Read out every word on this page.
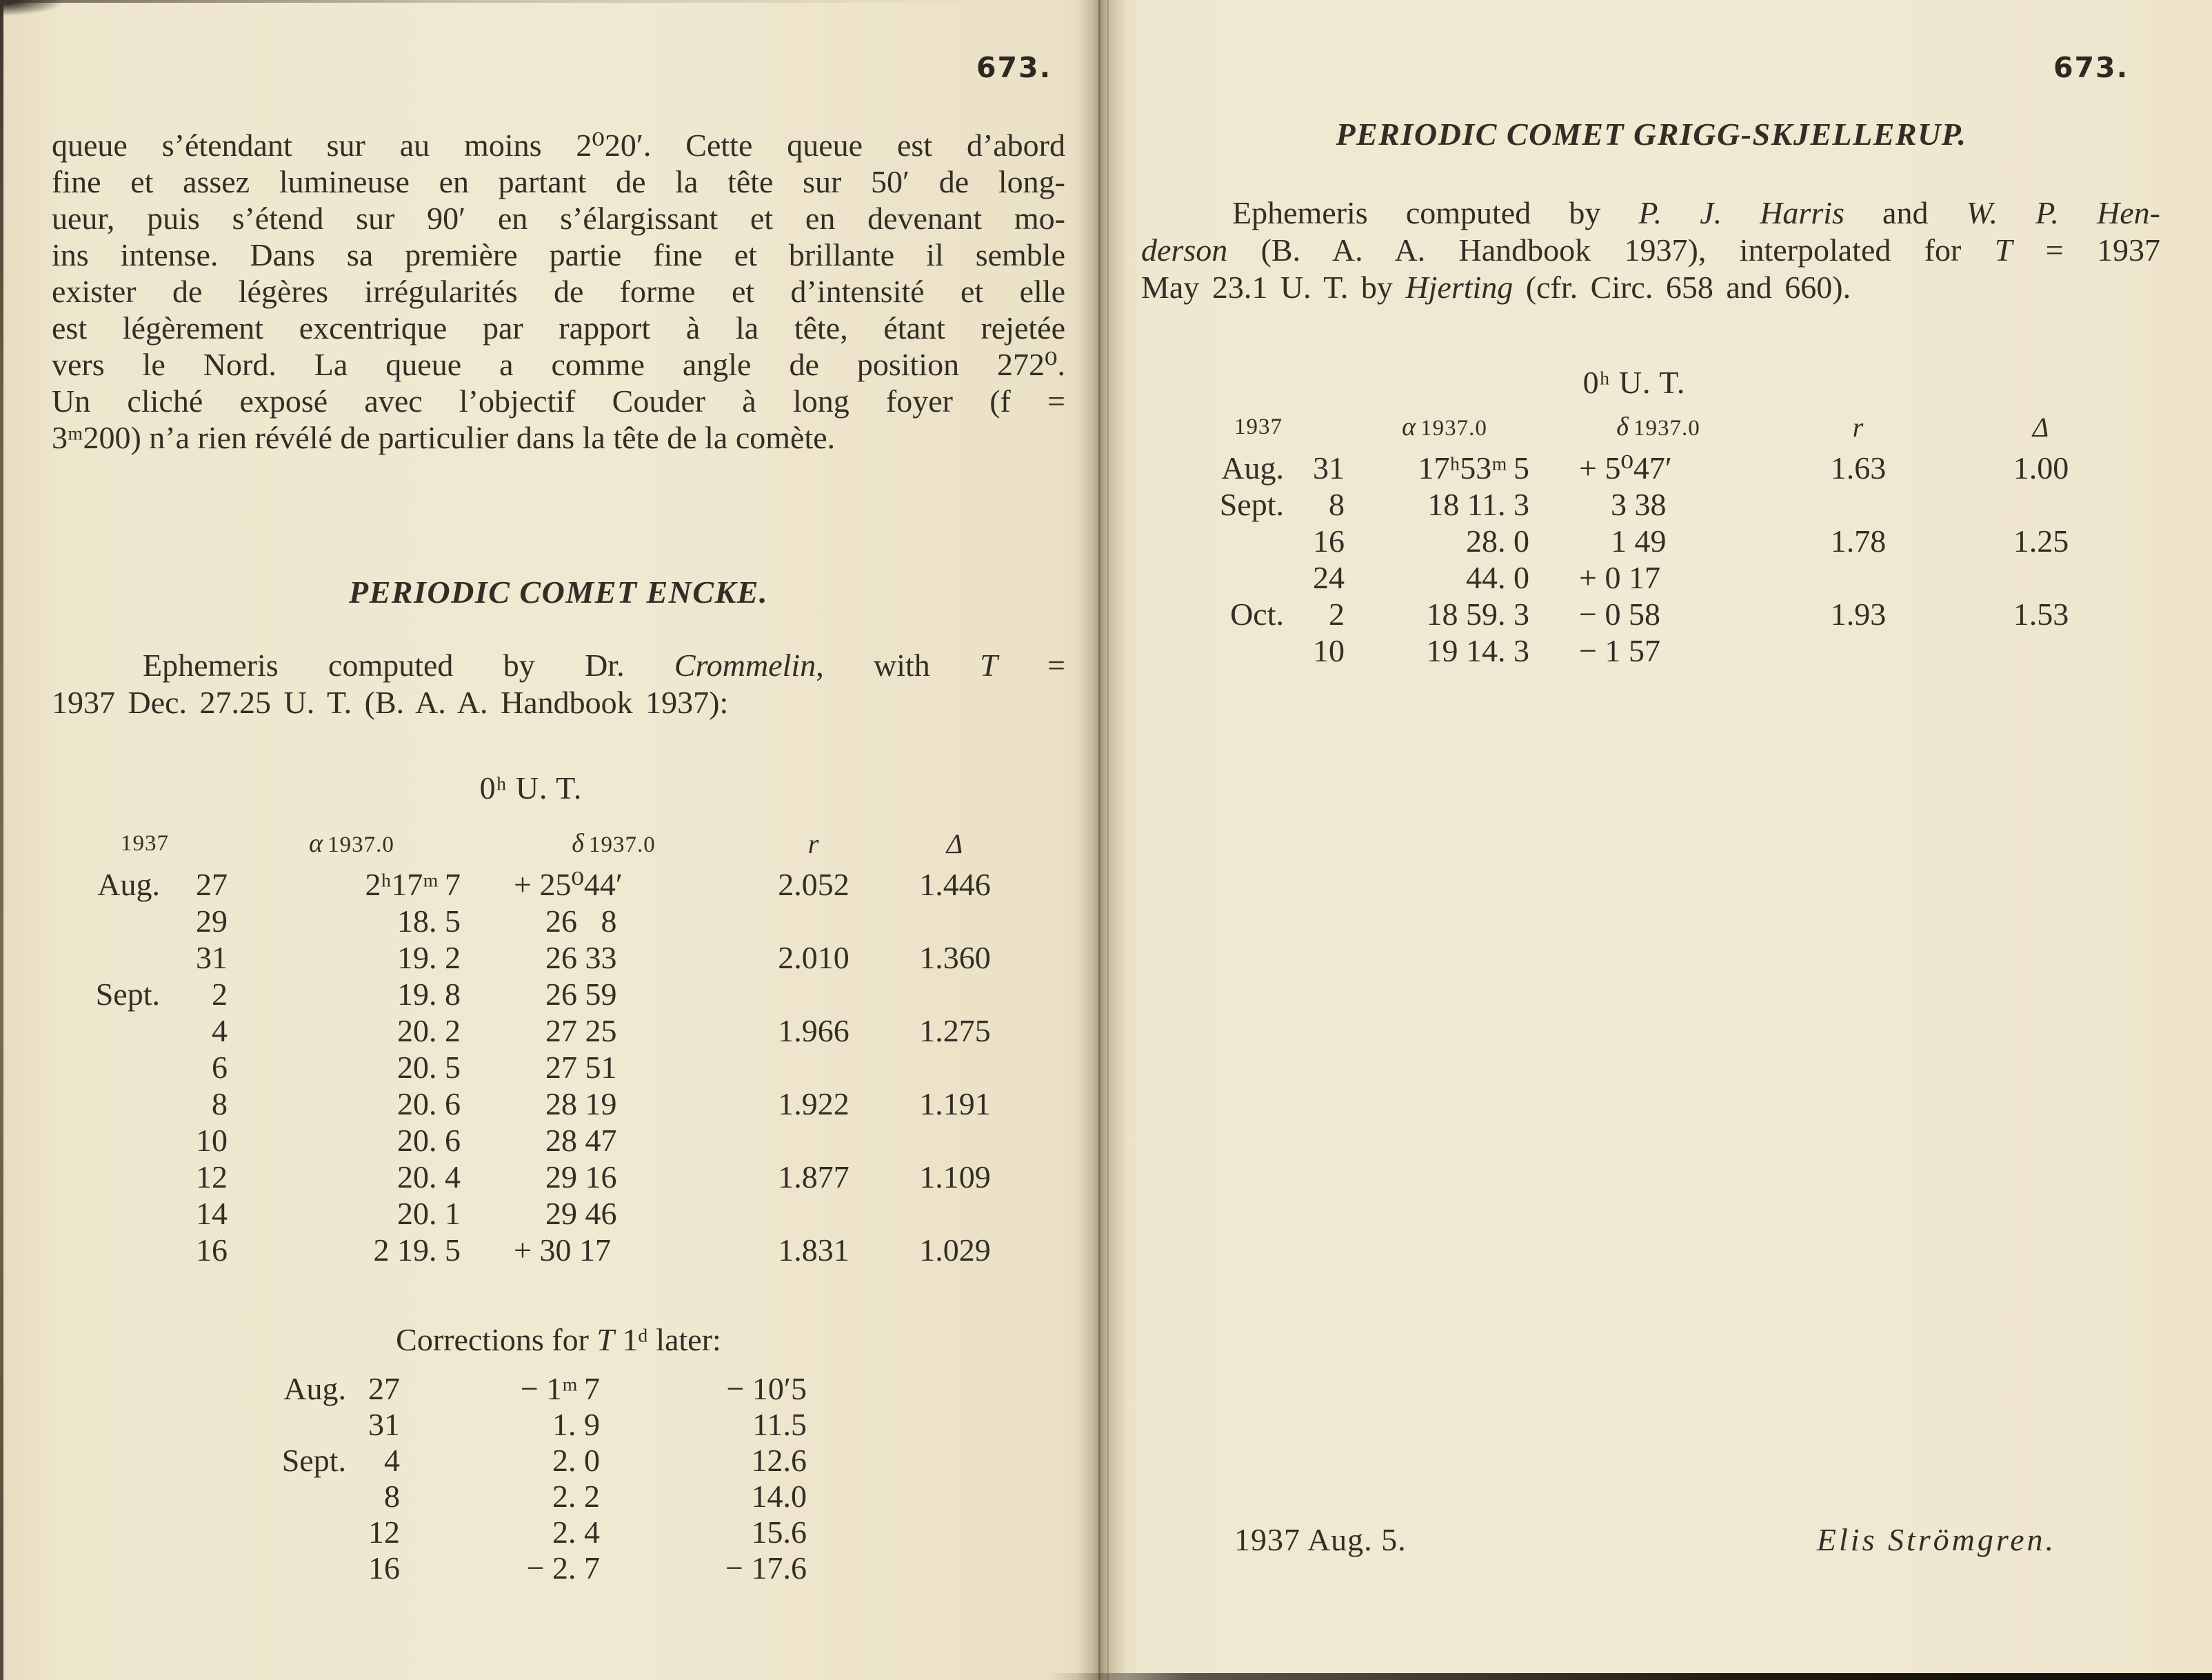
673.	673.
queue s’étendant sur au moins 2⁰20′. Cette queue est d’abord
fine et assez lumineuse en partant de la tête sur 50′ de long-
ueur, puis s’étend sur 90′ en s’élargissant et en devenant mo-
ins intense. Dans sa première partie fine et brillante il semble
exister de légères irrégularités de forme et d’intensité et elle
est légèrement excentrique par rapport à la tête, étant rejetée
vers le Nord. La queue a comme angle de position 272⁰.
Un cliché exposé avec l’objectif Couder à long foyer (f =
3ᵐ200) n’a rien révélé de particulier dans la tête de la comète.
PERIODIC COMET ENCKE.
Ephemeris computed by Dr. Crommelin, with T =
1937 Dec. 27.25 U. T. (B. A. A. Handbook 1937):
0ʰ U. T.
1937	α 1937.0	δ 1937.0	r	Δ
Aug.	27	2ʰ17ᵐ 7	+ 25⁰44′	2.052	1.446
29	18. 5	 26  8
31	19. 2	 26 33	2.010	1.360
Sept.	2	19. 8	 26 59
4	20. 2	 27 25	1.966	1.275
6	20. 5	 27 51
8	20. 6	 28 19	1.922	1.191
10	20. 6	 28 47
12	20. 4	 29 16	1.877	1.109
14	20. 1	 29 46
16	2 19. 5	+ 30 17	1.831	1.029
Corrections for T 1ᵈ later:
Aug. 27	− 1ᵐ 7	− 10′5
31	1. 9	11.5
Sept.	4	2. 0	12.6
8	2. 2	14.0
12	2. 4	15.6
16	− 2. 7	− 17.6
PERIODIC COMET GRIGG-SKJELLERUP.
Ephemeris computed by P. J. Harris and W. P. Hen-
derson (B. A. A. Handbook 1937), interpolated for T = 1937
May 23.1 U. T. by Hjerting (cfr. Circ. 658 and 660).
0ʰ U. T.
1937	α 1937.0	δ 1937.0	r	Δ
Aug. 31	17ʰ53ᵐ 5	+ 5⁰47′	1.63	1.00
Sept.	8	18 11. 3	 3 38
16	28. 0	 1 49	1.78	1.25
24	44. 0	+ 0 17
Oct.	2	18 59. 3	− 0 58	1.93	1.53
10	19 14. 3	− 1 57
1937 Aug. 5.	Elis Strömgren.
